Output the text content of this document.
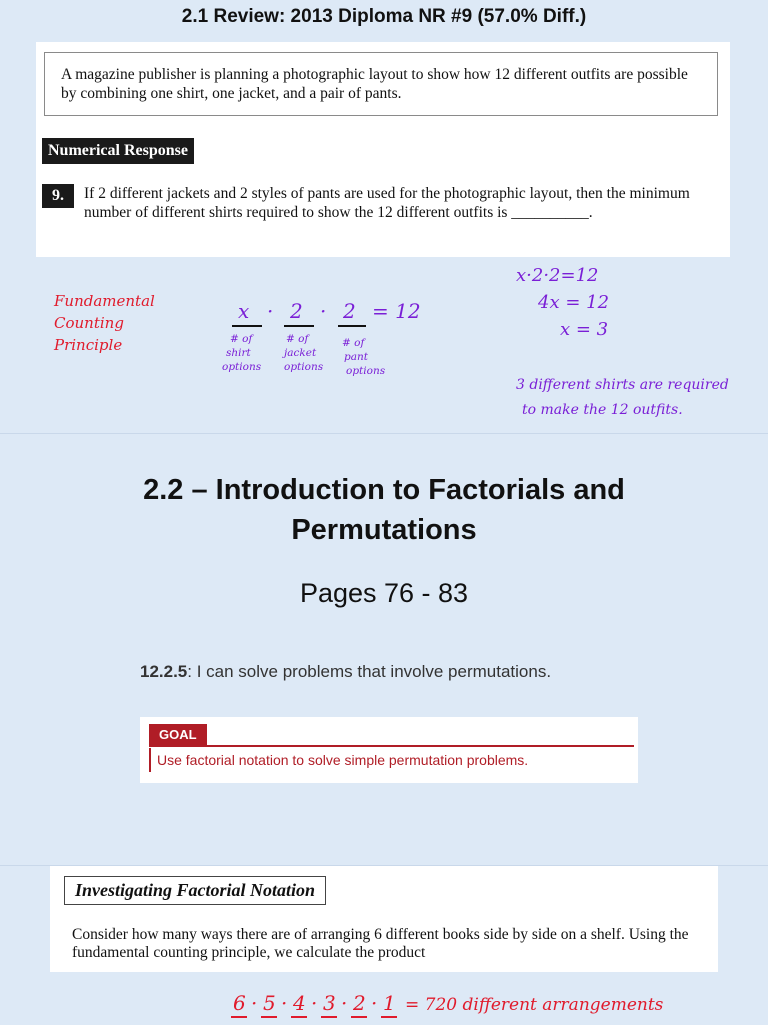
2.1 Review: 2013 Diploma NR #9 (57.0% Diff.)
A magazine publisher is planning a photographic layout to show how 12 different outfits are possible by combining one shirt, one jacket, and a pair of pants.
Numerical Response
9.	If 2 different jackets and 2 styles of pants are used for the photographic layout, then the minimum number of different shirts required to show the 12 different outfits is __________.
Fundamental
Counting
Principle
x · 2 · 2 = 12
# of
shirt
options
# of
jacket
options
# of
pant
options
x·2·2=12
4x = 12
x = 3
3 different shirts are required
to make the 12 outfits.
2.2 – Introduction to Factorials and
Permutations
Pages 76 - 83
12.2.5: I can solve problems that involve permutations.
GOAL
Use factorial notation to solve simple permutation problems.
Investigating Factorial Notation
Consider how many ways there are of arranging 6 different books side by side on a shelf. Using the fundamental counting principle, we calculate the product
6 · 5 · 4 · 3 · 2 · 1 = 720 different arrangements
